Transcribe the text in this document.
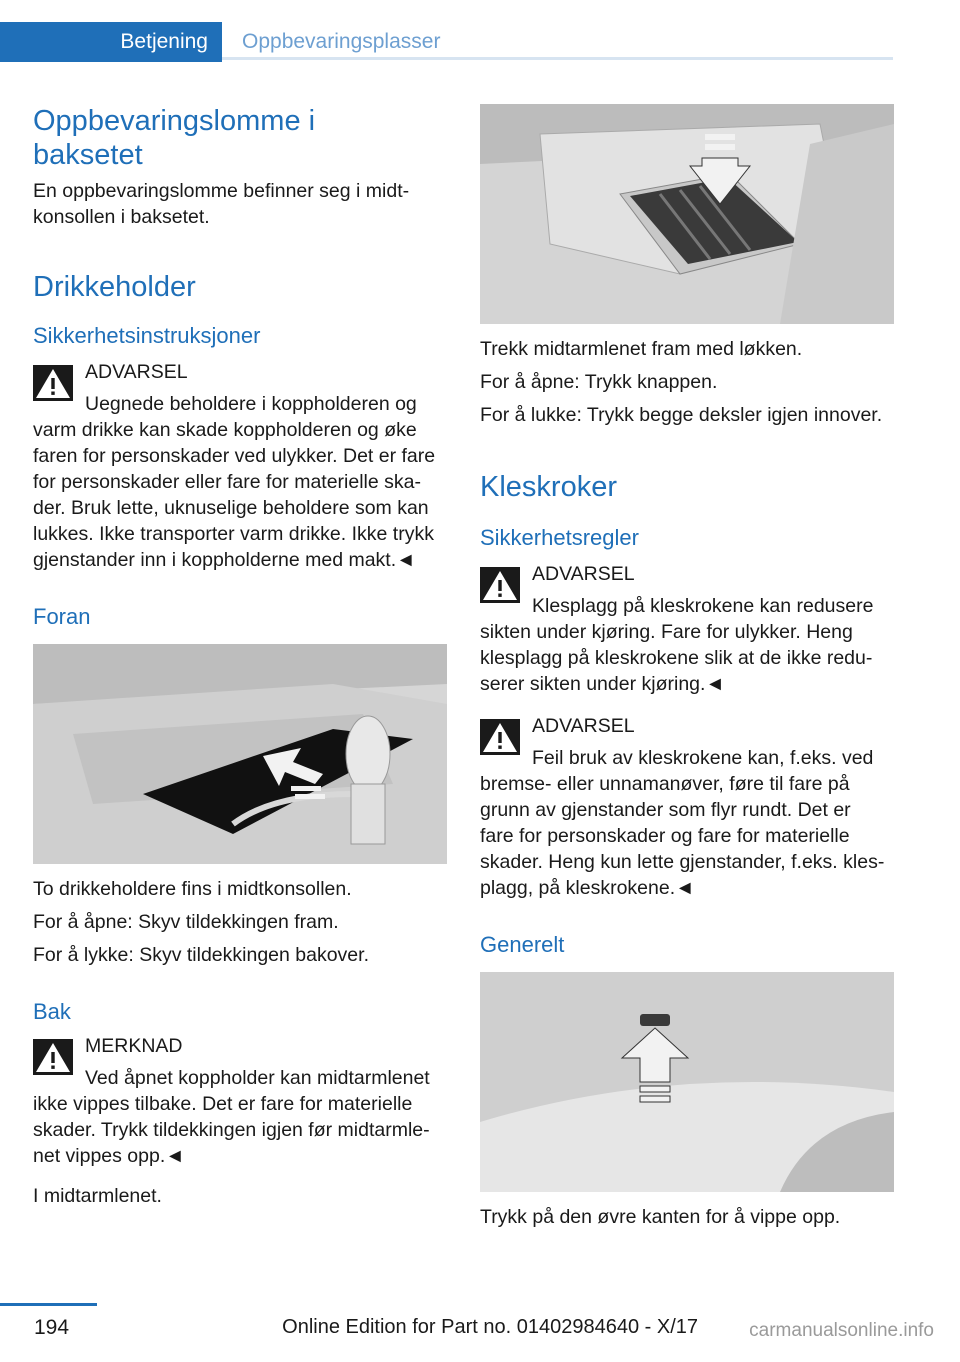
Betjening	Oppbevaringsplasser
Oppbevaringslomme i
baksetet

En oppbevaringslomme befinner seg i midt-
konsollen i baksetet.

Drikkeholder
Sikkerhetsinstruksjoner

ADVARSEL

Uegnede beholdere i koppholderen og

varm drikke kan skade koppholderen og øke
faren for personskader ved ulykker. Det er fare
for personskader eller fare for materielle ska-
der. Bruk lette, uknuselige beholdere som kan
lukkes. Ikke transporter varm drikke. Ikke trykk
gjenstander inn i koppholderne med makt.◄

Foran

To drikkeholdere fins i midtkonsollen.

For å åpne: Skyv tildekkingen fram.

For å lykke: Skyv tildekkingen bakover.

Bak

MERKNAD

Ved åpnet koppholder kan midtarmlenet

ikke vippes tilbake. Det er fare for materielle
skader. Trykk tildekkingen igjen før midtarmle-
net vippes opp.◄

I midtarmlenet.

Trekk midtarmlenet fram med løkken.

For å åpne: Trykk knappen.

For å lukke: Trykk begge deksler igjen innover.

Kleskroker
Sikkerhetsregler

ADVARSEL

Klesplagg på kleskrokene kan redusere

sikten under kjøring. Fare for ulykker. Heng
klesplagg på kleskrokene slik at de ikke redu-
serer sikten under kjøring.◄

ADVARSEL

Feil bruk av kleskrokene kan, f.eks. ved

bremse- eller unnamanøver, føre til fare på
grunn av gjenstander som flyr rundt. Det er
fare for personskader og fare for materielle
skader. Heng kun lette gjenstander, f.eks. kles-
plagg, på kleskrokene.◄

Generelt

Trykk på den øvre kanten for å vippe opp.

194	Online Edition for Part no. 01402984640 - X/17	carmanualsonline.info
